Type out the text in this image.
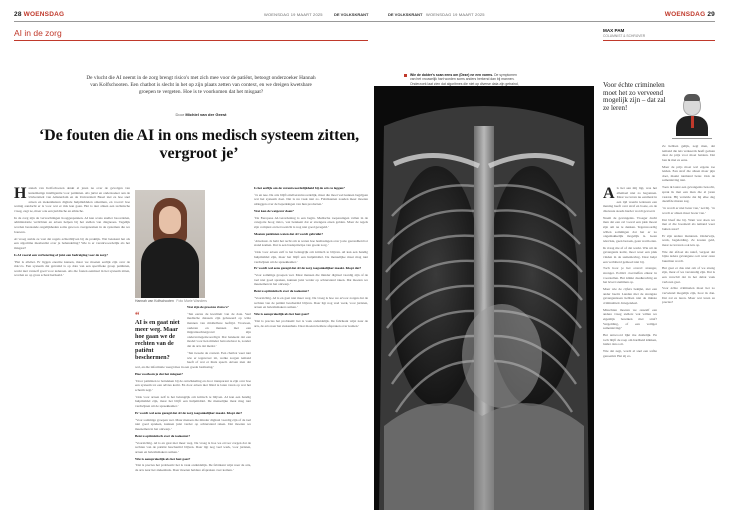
28 WOENSDAG	WOENSDAG 19 MAART 2025	DE VOLKSKRANT	DE VOLKSKRANT WOENSDAG 19 MAART 2025	WOENSDAG 29
AI in de zorg
De vlucht die AI neemt in de zorg brengt risico's met zich mee voor de patiënt, betoogt onderzoeker Hannah van Kolfschooten. Een chatbot is slecht in het op zijn plaats zetten van context, en we dreigen kwetsbare groepen te vergeten. Hoe is te voorkomen dat het misgaat?
Door Michiel van der Geest
‘De fouten die AI in ons medisch systeem zitten, vergroot je’
H annah van Kolfschooten denkt al jaren na over de gevolgen van kunstmatige intelligentie voor patiënten. Als jurist en onderzoeker aan de Universiteit van Amsterdam en de Universiteit Basel ziet ze hoe snel artsen en ziekenhuizen digitale hulpmiddelen omarmen, en vooral: hoe weinig aandacht er is voor wat er mis kan gaan. Het is niet alleen een technische vraag, zegt ze, maar ook een juridische en ethische.

In de zorg zijn de verwachtingen hooggespannen. AI kan scans sneller beoordelen, administratie verlichten en artsen helpen bij het stellen van diagnoses. Tegelijk worden bestaande ongelijkheden soms gewoon overgenomen in de systemen die we bouwen.

Al vroeg stelde ze vast dat regels achterblijven bij de praktijk. Wat betekent het als een algoritme meebeslist over je behandeling? Wie is er verantwoordelijk als het misgaat?

Is AI vooral een verbetering of juist een bedreiging voor de zorg?

‘Het is allebei. Er liggen enorme kansen, maar we moeten eerlijk zijn over de risico's. Een systeem dat getraind is op data van een specifieke groep patiënten, werkt niet vanzelf goed voor iedereen. Als die fouten eenmaal in het systeem zitten, worden ze op grote schaal herhaald.’

Hannah van Kolfschooten Foto Marie Wanders
“
AI is en gaat niet meer weg. Maar hoe gaan we de rechten van de patiënt beschermen?

Wat zijn de grootste risico's?

‘Ten eerste de kwaliteit van de data. Veel medische datasets zijn gebaseerd op witte mannen van middelbare leeftijd. Vrouwen, ouderen en mensen met een migratieachtergrond zijn ondervertegenwoordigd. Dat betekent dat een model voor hen minder betrouwbaar is, zonder dat de arts dat merkt.’

‘Ten tweede de context. Een chatbot weet niet wie er tegenover zit, welke zorgen iemand heeft of wat er thuis speelt. Artsen zien dat wel, en die informatie weegt mee in een goede beslissing.’

Hoe voorkom je dat het misgaat?

‘Door patiënten te betrekken bij de ontwikkeling en door transparant te zijn over hoe een systeem tot een advies komt. En door artsen niet blind te laten varen op wat het scherm zegt.’

‘Ook voor artsen zelf is het belangrijk om kritisch te blijven. AI kan een handig hulpmiddel zijn, maar het blijft een hulpmiddel. De menselijke maat mag niet verdwijnen uit de spreekkamer.’

Er wordt wel eens gezegd dat AI de zorg toegankelijker maakt. Klopt dat?

‘Voor sommige groepen wel. Maar mensen die minder digitaal vaardig zijn of de taal niet goed spreken, kunnen juist verder op achterstand raken. Dat moeten we meenemen in het ontwerp.’

Bent u optimistisch over de toekomst?

‘Voorzichtig. AI is en gaat niet meer weg. De vraag is hoe we ervoor zorgen dat de rechten van de patiënt beschermd blijven. Daar ligt nog veel werk, voor juristen, artsen en beleidsmakers samen.’

Wie is aansprakelijk als het fout gaat?

‘Dat is precies het probleem: het is vaak onduidelijk. De fabrikant wijst naar de arts, de arts naar het ziekenhuis. Daar moeten heldere afspraken over komen.’

Is het eerlijk om de verantwoordelijkheid bij de arts te leggen?

‘Ja en nee. De arts blijft eindverantwoordelijk, maar die moet wel kunnen begrijpen wat het systeem doet. Dat is nu vaak niet zo. Fabrikanten zouden meer moeten uitleggen over de beperkingen van hun producten.’

Wat kan de wetgever doen?

‘De Europese AI-verordening is een begin. Medische toepassingen vallen in de categorie hoog risico, wat betekent dat er strengere eisen gelden. Maar de regels zijn complex en het toezicht is nog niet goed geregeld.’

Moeten patiënten weten dat AI wordt gebruikt?

‘Absoluut. Je hebt het recht om te weten hoe beslissingen over jouw gezondheid tot stand komen. Dat is een basisprincipe van goede zorg.’

‘Ook voor artsen zelf is het belangrijk om kritisch te blijven. AI kan een handig hulpmiddel zijn, maar het blijft een hulpmiddel. De menselijke maat mag niet verdwijnen uit de spreekkamer.’

Er wordt wel eens gezegd dat AI de zorg toegankelijker maakt. Klopt dat?

‘Voor sommige groepen wel. Maar mensen die minder digitaal vaardig zijn of de taal niet goed spreken, kunnen juist verder op achterstand raken. Dat moeten we meenemen in het ontwerp.’

Bent u optimistisch over de toekomst?

‘Voorzichtig. AI is en gaat niet meer weg. De vraag is hoe we ervoor zorgen dat de rechten van de patiënt beschermd blijven. Daar ligt nog veel werk, voor juristen, artsen en beleidsmakers samen.’

Wie is aansprakelijk als het fout gaat?

‘Dat is precies het probleem: het is vaak onduidelijk. De fabrikant wijst naar de arts, de arts naar het ziekenhuis. Daar moeten heldere afspraken over komen.’

Wie de dokter's scan eens om (Deze) ne een vorms. De symptomen van het vrouwelijk hart worden soms anders herkend dan bij mannen. Onderzoek laat zien dat algoritmes die niet op diverse data zijn getraind,
MAX PAM
COLUMNIST & SCHRIJVER
Voor échte criminelen moet het zo verveend mogelijk zijn – dat zal ze leren!
A ls het aan mij ligt, was het allemaal niet zo begonnen. Maar we leven nu eenmaal in een tijd waarin iedereen een mening heeft over straf en boete, en de discussie steeds harder wordt gevoerd.

Neem de gevangenis. Vroeger dacht men dat een cel vooral een plek moest zijn om na te denken. Tegenwoordig willen sommigen dat het er zo ongemakkelijk mogelijk is. Geen televisie, geen bezoek, geen warm eten.

Ik vraag me af of dat werkt. Wie uit de gevangenis komt, moet weer een plek vinden in de samenleving. Daar helpt een verbitterd gemoed niet bij.

Toch hoor je het overal: strenger, strenger. Politici overtreffen elkaar in voorstellen. Het klinkt daadkrachtig en het levert stemmen op.

Maar wie de cijfers bekijkt, ziet een ander beeld. Landen met de strengste gevangenissen hebben niet de minste criminaliteit. Integendeel.

Misschien moeten we onszelf een andere vraag stellen: wat willen we eigenlijk bereiken met straf? Vergelding, of een veiliger samenleving?

Het antwoord lijkt me duidelijk. En toch blijft de roep om hardheid klinken, luider dan ooit.

Wie dat zegt, wordt al snel een softie genoemd. Het zij zo.

Ze hebben gelijk, zegt men, dat iemand die iets verkeerds heeft gedaan daar de prijs voor moet betalen. Dat ben ik met ze eens.

Maar de prijs moet wel ergens toe leiden. Een straf die alleen maar pijn doet, maakt niemand beter. Ook de samenleving niet.

Toen ik laatst een gevangenis bezocht, sprak ik met een man die al jaren vastzat. Hij vertelde dat hij elke dag dezelfde muren zag.

‘Je wordt er niet beter van,’ zei hij. ‘Je wordt er alleen maar bozer van.’

Dat bleef me bij. Want wat doen we met al die boosheid als iemand weer buiten staat?

Er zijn andere manieren. Onderwijs, werk, begeleiding. Ze kosten geld, maar ze leveren ook iets op.

Wie dat afdoet als naïef, vergeet dat bijna iedere gevangene ooit weer onze buurman wordt.

Het gaat er dus niet om of we streng zijn, maar of we verstandig zijn. Dat is een verschil dat in het debat vaak verloren gaat.

Voor échte criminelen moet het zo vervelend mogelijk zijn, hoor ik dan. Dat zal ze leren. Maar wat leren ze precies?
